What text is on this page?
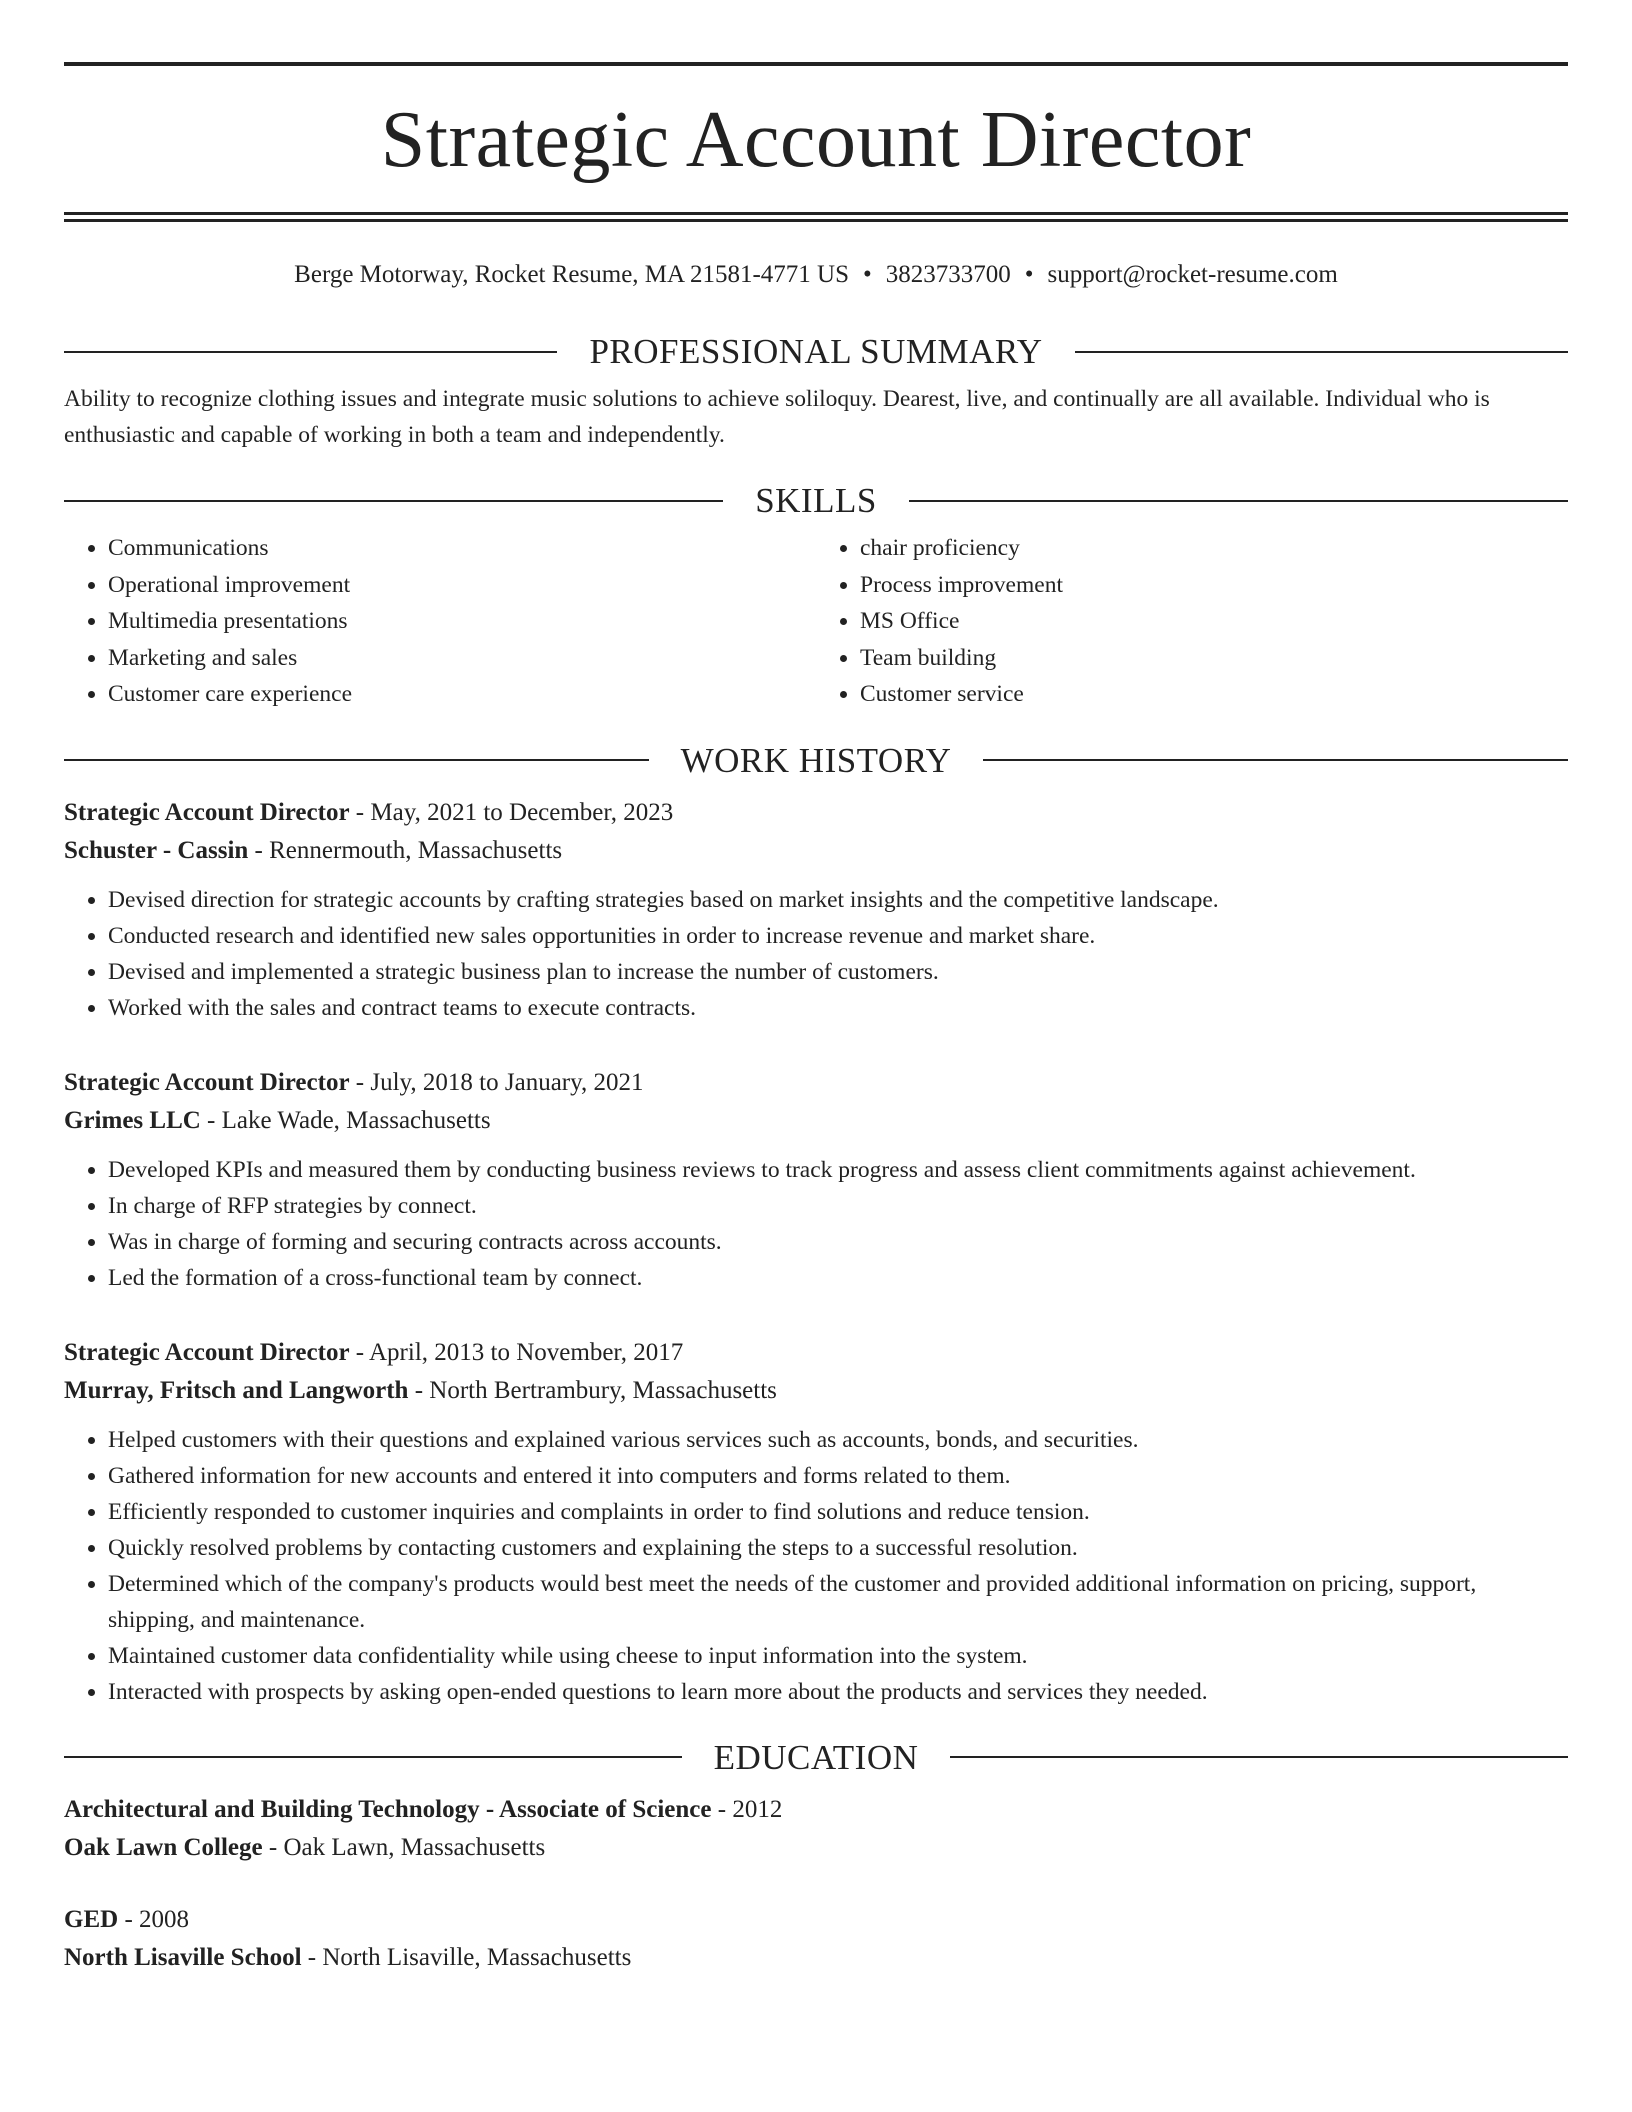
Strategic Account Director
Berge Motorway, Rocket Resume, MA 21581-4771 US • 3823733700 • support@rocket-resume.com
PROFESSIONAL SUMMARY

Ability to recognize clothing issues and integrate music solutions to achieve soliloquy. Dearest, live, and continually are all available. Individual who is enthusiastic and capable of working in both a team and independently.

SKILLS
• Communications
• Operational improvement
• Multimedia presentations
• Marketing and sales
• Customer care experience
• chair proficiency
• Process improvement
• MS Office
• Team building
• Customer service
WORK HISTORY
Strategic Account Director - May, 2021 to December, 2023
Schuster - Cassin - Rennermouth, Massachusetts
• Devised direction for strategic accounts by crafting strategies based on market insights and the competitive landscape.
• Conducted research and identified new sales opportunities in order to increase revenue and market share.
• Devised and implemented a strategic business plan to increase the number of customers.
• Worked with the sales and contract teams to execute contracts.
Strategic Account Director - July, 2018 to January, 2021
Grimes LLC - Lake Wade, Massachusetts
• Developed KPIs and measured them by conducting business reviews to track progress and assess client commitments against achievement.
• In charge of RFP strategies by connect.
• Was in charge of forming and securing contracts across accounts.
• Led the formation of a cross-functional team by connect.
Strategic Account Director - April, 2013 to November, 2017
Murray, Fritsch and Langworth - North Bertrambury, Massachusetts
• Helped customers with their questions and explained various services such as accounts, bonds, and securities.
• Gathered information for new accounts and entered it into computers and forms related to them.
• Efficiently responded to customer inquiries and complaints in order to find solutions and reduce tension.
• Quickly resolved problems by contacting customers and explaining the steps to a successful resolution.
• Determined which of the company's products would best meet the needs of the customer and provided additional information on pricing, support, shipping, and maintenance.
• Maintained customer data confidentiality while using cheese to input information into the system.
• Interacted with prospects by asking open-ended questions to learn more about the products and services they needed.
EDUCATION
Architectural and Building Technology - Associate of Science - 2012
Oak Lawn College - Oak Lawn, Massachusetts
GED - 2008
North Lisaville School - North Lisaville, Massachusetts
